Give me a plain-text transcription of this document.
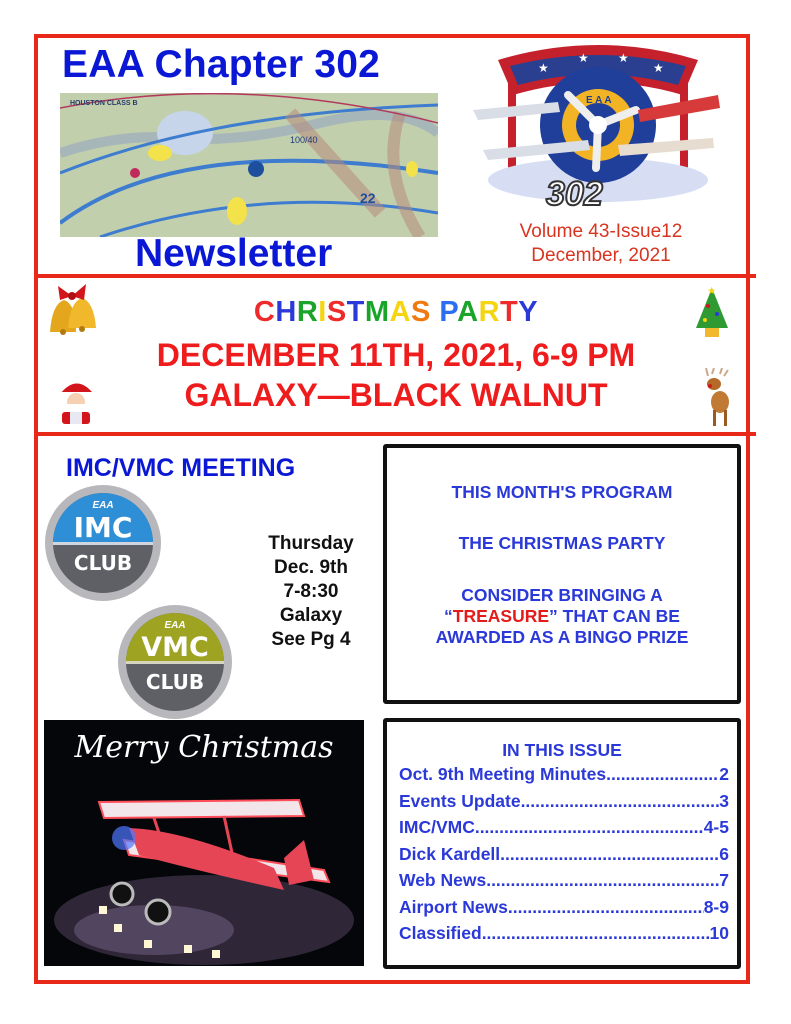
EAA Chapter 302
HOUSTON CLASS B
22
100/40
Newsletter
★
★ ★
★
E A A
302
Volume 43-Issue12
December, 2021
★
CHRISTMAS PARTY
DECEMBER 11TH, 2021, 6-9 PM
GALAXY—BLACK WALNUT
IMC/VMC MEETING
EAA
IMC
CLUB
EAA
VMC
CLUB
Thursday
Dec. 9th
7-8:30
Galaxy
See Pg 4

THIS MONTH'S PROGRAM

THE CHRISTMAS PARTY

CONSIDER BRINGING A

“TREASURE” THAT CAN BE

AWARDED AS A BINGO PRIZE

Merry Christmas	IN THIS ISSUE
Oct. 9th Meeting Minutes .....	2
Events Update .....	3
IMC/VMC .....	4-5
Dick Kardell .....	6
Web News .....	7
Airport News .....	8-9
Classified .....	10
